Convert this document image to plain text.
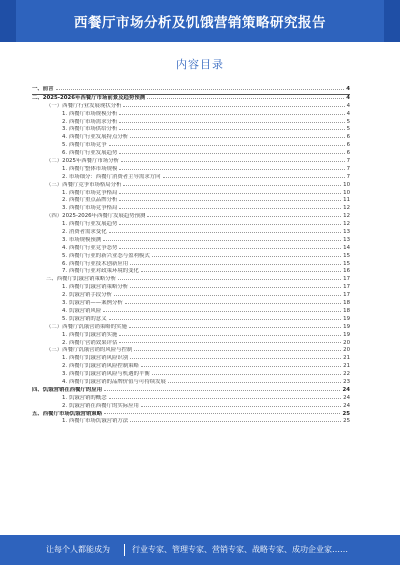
西餐厅市场分析及饥饿营销策略研究报告
内容目录
一、前言	4
二、2025-2026年西餐厅市场前景及趋势预测	4
（一）西餐厅行业发展现状分析	4
1. 西餐厅市场规模分析	4
2. 西餐厅市场需求分析	5
3. 西餐厅市场供给分析	5
4. 西餐厅行业发展特点分析	6
5. 西餐厅市场竞争	6
6. 西餐厅行业发展趋势	6
（二）2025年西餐厅市场分析	7
1. 西餐厅整体市场规模	7
2. 市场细分：西餐厅消费者主导需求方向	7
（三）西餐厅竞争市场格局分析	10
1. 西餐厅市场竞争格局	10
2. 西餐厅重点品牌分析	11
3. 西餐厅市场竞争格局	12
（四）2025-2026年西餐厅发展趋势预测	12
1. 西餐厅行业发展趋势	12
2. 消费者需求变化	13
3. 市场规模预测	13
4. 西餐厅行业竞争态势	14
5. 西餐厅行业的新兴业态与盈利模式	15
6. 西餐厅行业技术创新应用	15
7. 西餐厅行业对政策环境的变化	16
三、西餐厅饥饿营销策略分析	17
1. 西餐厅饥饿营销策略分析	17
2. 饥饿营销手段分析	17
3. 饥饿营销——案例分析	18
4. 饥饿营销风险	18
5. 饥饿营销的意义	19
（二）西餐厅饥饿营销策略的实施	19
1. 西餐厅饥饿营销实施	19
2. 西餐厅营销效果评估	20
（三）西餐厅饥饿营销的风险与控制	20
1. 西餐厅饥饿营销风险识别	21
2. 西餐厅饥饿营销风险控制策略	21
3. 西餐厅饥饿营销风险与机遇的平衡	22
4. 西餐厅饥饿营销的品牌价值与可持续发展	23
四、饥饿营销在西餐厅的应用	24
1. 饥饿营销的概念	24
2. 饥饿营销在西餐厅的实际应用	24
五、西餐厅市场饥饿营销策略	25
1. 西餐厅市场饥饿营销方法	25
让每个人都能成为	行业专家、管理专家、营销专家、战略专家、成功企业家……
